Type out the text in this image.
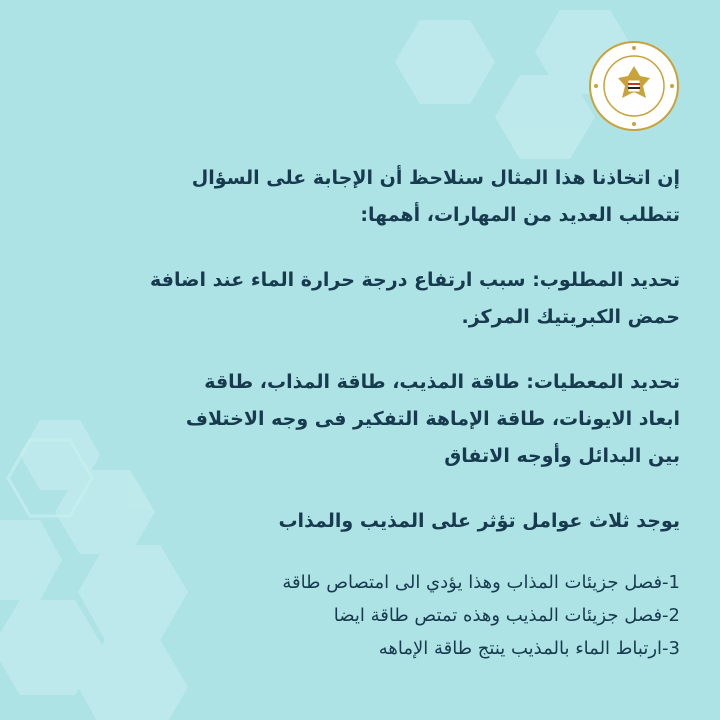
إن اتخاذنا هذا المثال سنلاحظ أن الإجابة على السؤال
تتطلب العديد من المهارات، أهمها:
تحديد المطلوب: سبب ارتفاع درجة حرارة الماء عند اضافة
حمض الكبريتيك المركز.
تحديد المعطيات: طاقة المذيب، طاقة المذاب، طاقة
ابعاد الايونات، طاقة الإماهة التفكير فى وجه الاختلاف
بين البدائل وأوجه الاتفاق
يوجد ثلاث عوامل تؤثر على المذيب والمذاب
1-فصل جزيئات المذاب وهذا يؤدي الى امتصاص طاقة
2-فصل جزيئات المذيب وهذه تمتص طاقة ايضا
3-ارتباط الماء بالمذيب ينتج طاقة الإماهه
